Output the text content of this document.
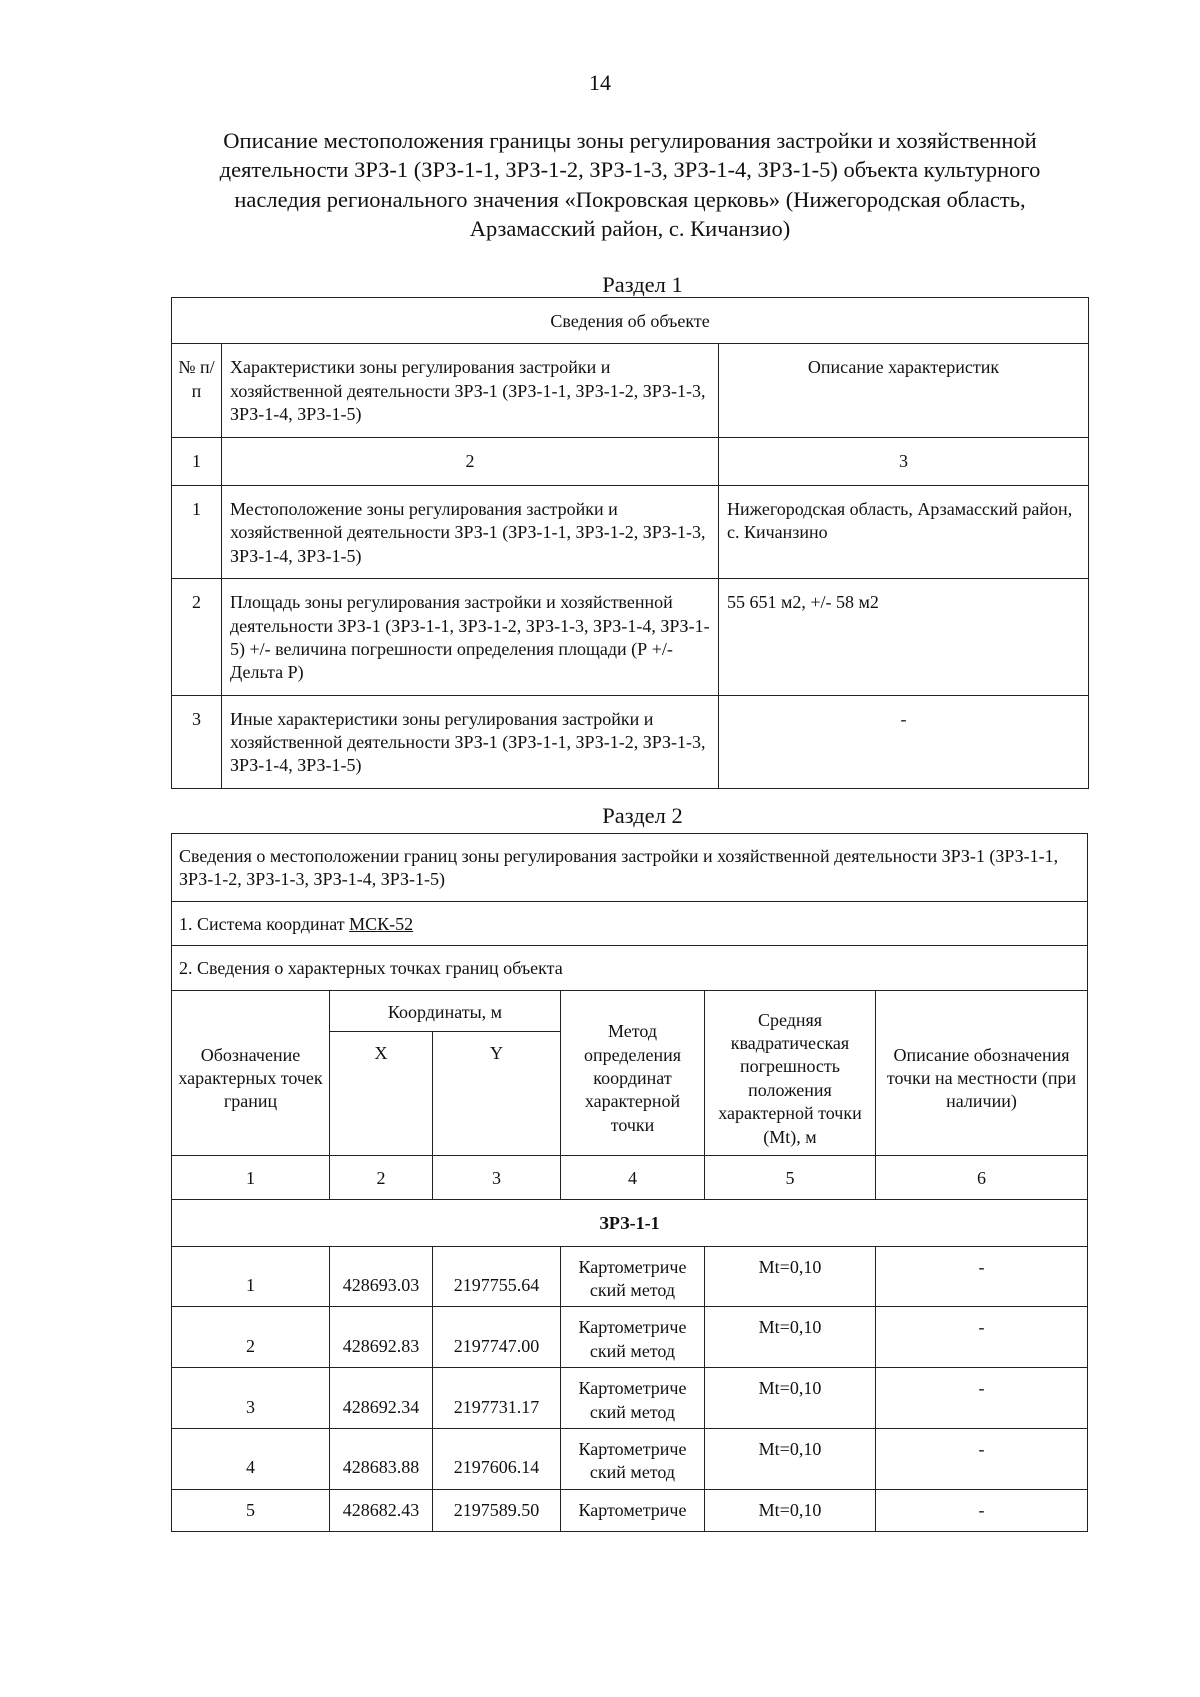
14
Описание местоположения границы зоны регулирования застройки и хозяйственной
деятельности ЗРЗ-1 (ЗРЗ-1-1, ЗРЗ-1-2, ЗРЗ-1-3, ЗРЗ-1-4, ЗРЗ-1-5) объекта культурного
наследия регионального значения «Покровская церковь» (Нижегородская область,
Арзамасский район, с. Кичанзио)
Раздел 1
Сведения об объекте		
№ п/п	Характеристики зоны регулирования застройки и хозяйственной деятельности ЗРЗ-1 (ЗРЗ-1-1, ЗРЗ-1-2, ЗРЗ-1-3, ЗРЗ-1-4, ЗРЗ-1-5)	Описание характеристик
1	2	3
1	Местоположение зоны регулирования застройки и хозяйственной деятельности ЗРЗ-1 (ЗРЗ-1-1, ЗРЗ-1-2, ЗРЗ-1-3, ЗРЗ-1-4, ЗРЗ-1-5)	Нижегородская область, Арзамасский район, с. Кичанзино
2	Площадь зоны регулирования застройки и хозяйственной деятельности ЗРЗ-1 (ЗРЗ-1-1, ЗРЗ-1-2, ЗРЗ-1-3, ЗРЗ-1-4, ЗРЗ-1-5) +/- величина погрешности определения площади (Р +/- Дельта Р)	55 651 м2, +/- 58 м2
3	Иные характеристики зоны регулирования застройки и хозяйственной деятельности ЗРЗ-1 (ЗРЗ-1-1, ЗРЗ-1-2, ЗРЗ-1-3, ЗРЗ-1-4, ЗРЗ-1-5)	-
Раздел 2
Сведения о местоположении границ зоны регулирования застройки и хозяйственной деятельности ЗРЗ-1 (ЗРЗ-1-1, ЗРЗ-1-2, ЗРЗ-1-3, ЗРЗ-1-4, ЗРЗ-1-5)					
1. Система координат МСК-52					
2. Сведения о характерных точках границ объекта					
Обозначение характерных точек границ	Координаты, м		Метод определения координат характерной точки	Средняя квадратическая погрешность положения характерной точки (Mt), м	Описание обозначения точки на местности (при наличии)
	X	Y			
1	2	3	4	5	6
ЗРЗ-1-1					
1	428693.03	2197755.64	Картометриче ский метод	Mt=0,10	-
2	428692.83	2197747.00	Картометриче ский метод	Mt=0,10	-
3	428692.34	2197731.17	Картометриче ский метод	Mt=0,10	-
4	428683.88	2197606.14	Картометриче ский метод	Mt=0,10	-
5	428682.43	2197589.50	Картометриче	Mt=0,10	-
